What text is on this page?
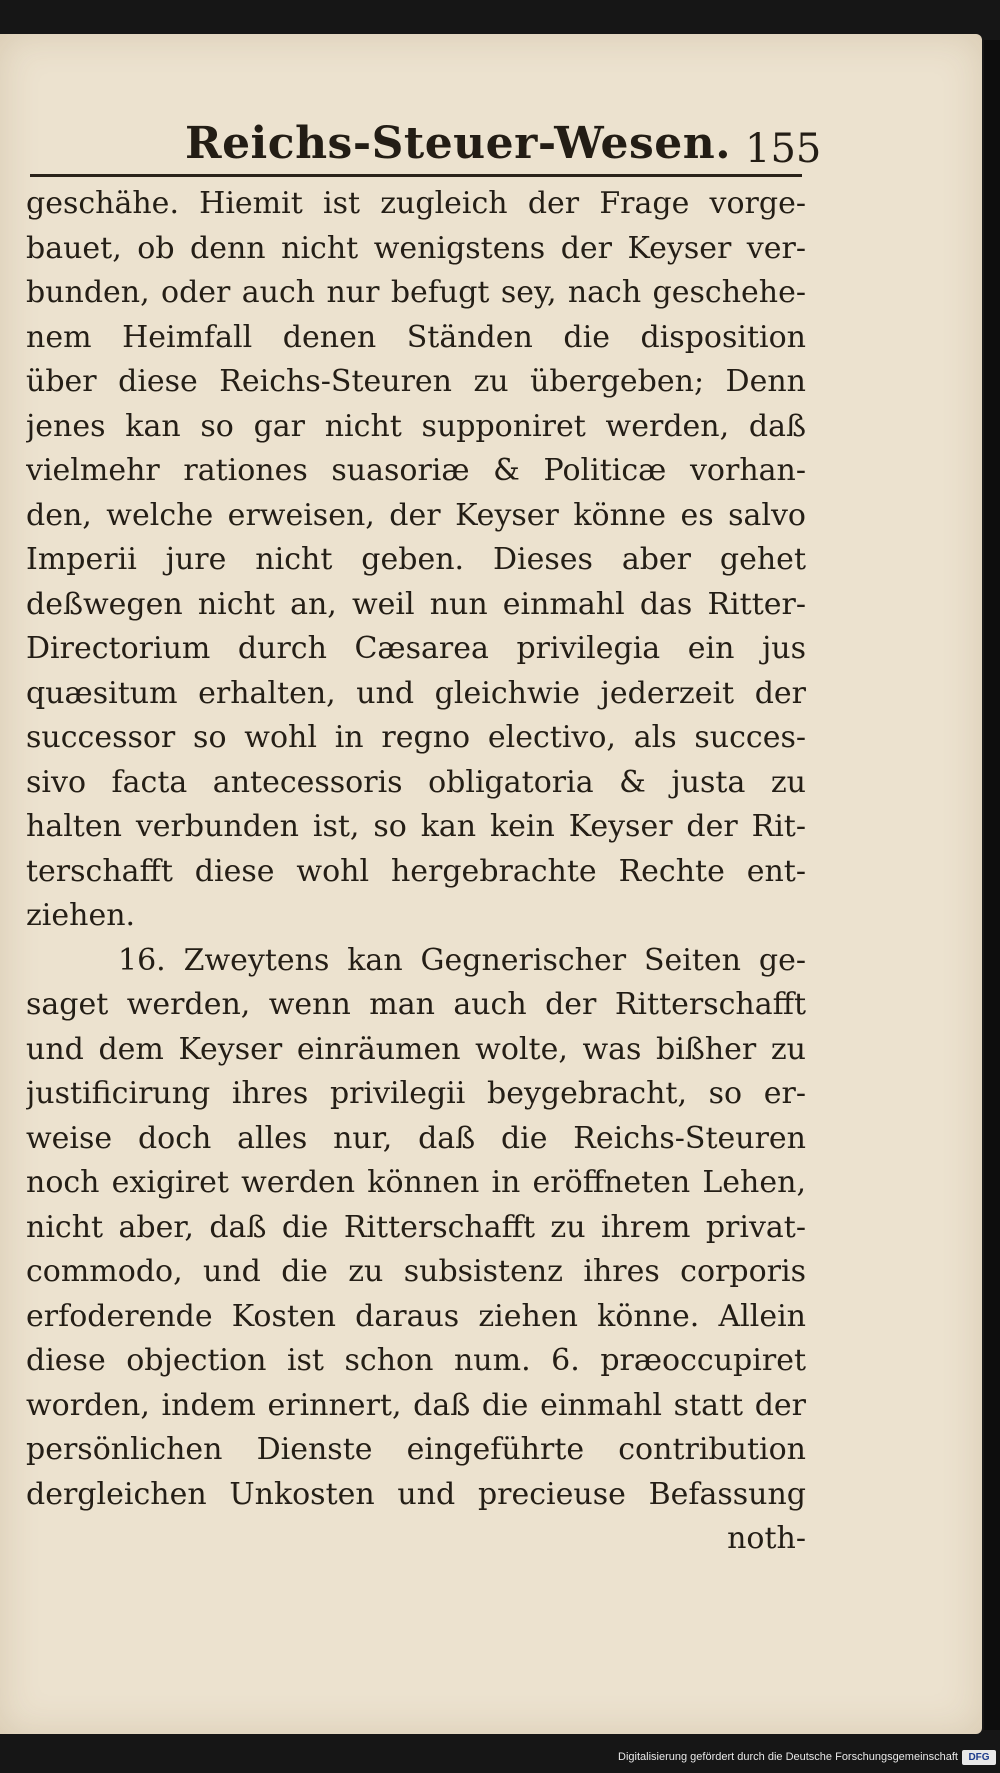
Reichs-Steuer-Wesen. 155
geschähe. Hiemit ist zugleich der Frage vorge-
bauet, ob denn nicht wenigstens der Keyser ver-
bunden, oder auch nur befugt sey, nach geschehe-
nem Heimfall denen Ständen die disposition
über diese Reichs-Steuren zu übergeben; Denn
jenes kan so gar nicht supponiret werden, daß
vielmehr rationes suasoriæ & Politicæ vorhan-
den, welche erweisen, der Keyser könne es salvo
Imperii jure nicht geben. Dieses aber gehet
deßwegen nicht an, weil nun einmahl das Ritter-
Directorium durch Cæsarea privilegia ein jus
quæsitum erhalten, und gleichwie jederzeit der
successor so wohl in regno electivo, als succes-
sivo facta antecessoris obligatoria & justa zu
halten verbunden ist, so kan kein Keyser der Rit-
terschafft diese wohl hergebrachte Rechte ent-
ziehen.
16. Zweytens kan Gegnerischer Seiten ge-
saget werden, wenn man auch der Ritterschafft
und dem Keyser einräumen wolte, was bißher zu
justificirung ihres privilegii beygebracht, so er-
weise doch alles nur, daß die Reichs-Steuren
noch exigiret werden können in eröffneten Lehen,
nicht aber, daß die Ritterschafft zu ihrem privat-
commodo, und die zu subsistenz ihres corporis
erfoderende Kosten daraus ziehen könne. Allein
diese objection ist schon num. 6. præoccupiret
worden, indem erinnert, daß die einmahl statt der
persönlichen Dienste eingeführte contribution
dergleichen Unkosten und precieuse Befassung
noth-
Digitalisierung gefördert durch die Deutsche Forschungsgemeinschaft	DFG
